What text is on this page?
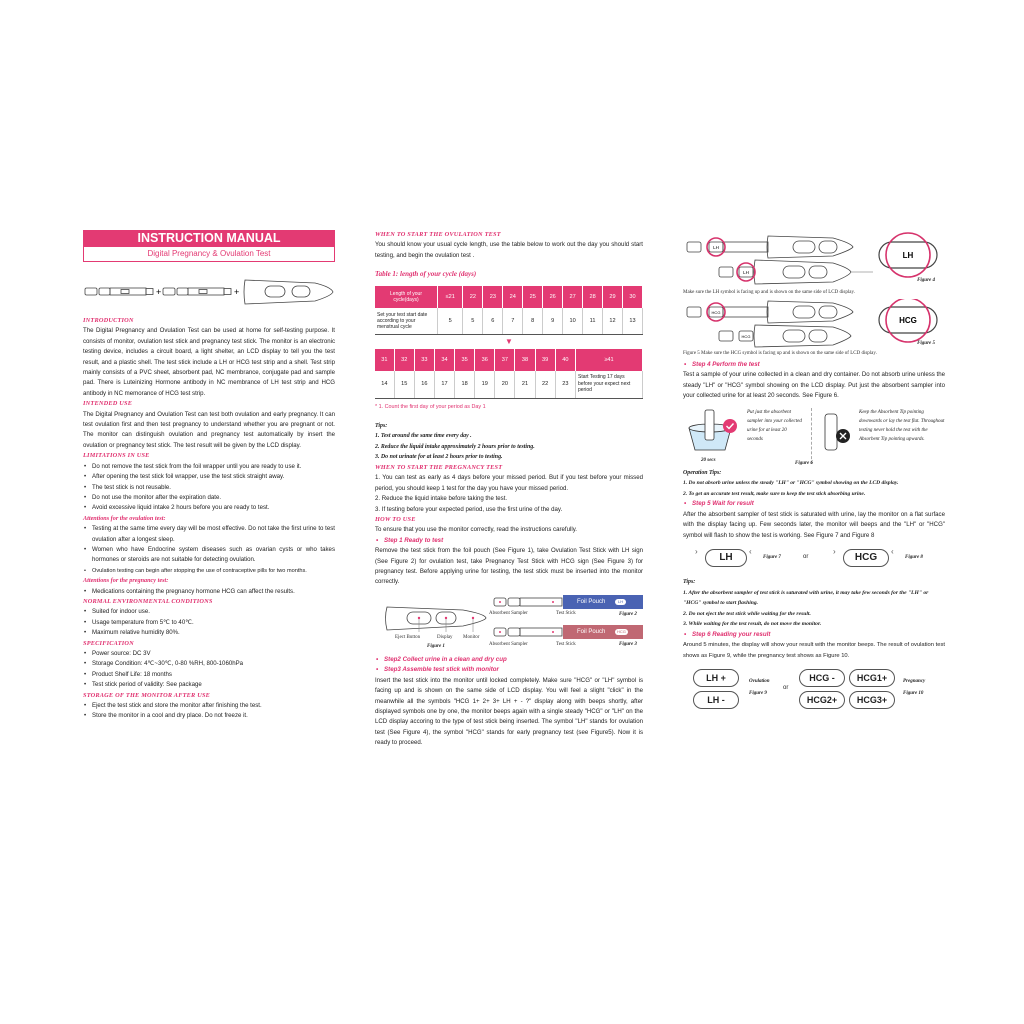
INSTRUCTION MANUAL
Digital Pregnancy & Ovulation Test
+	+
INTRODUCTION

The Digital Pregnancy and Ovulation Test can be used at home for self-testing purpose. It consists of monitor, ovulation test stick and pregnancy test stick. The monitor is an electronic testing device, includes a circuit board, a light shelter, an LCD display to tell you the test result, and a plastic shell. The test stick include a LH or HCG test strip and a shell. Test strip mainly consists of a PVC sheet, absorbent pad, NC membrance, conjugate pad and sample pad. There is Luteinizing Hormone antibody in NC membrance of LH test strip and HCG antibody in NC memorance of HCG test strip.

INTENDED USE

The Digital Pregnancy and Ovulation Test can test both ovulation and early pregnancy. It can test ovulation first and then test pregnancy to understand whether you are pregnant or not. The monitor can distinguish ovulation and pregnancy test automatically by insert the ovulation or pregnancy test stick. The test result will be given by the LCD display.

LIMITATIONS IN USE

• Do not remove the test stick from the foil wrapper until you are ready to use it.

• After opening the test stick foil wrapper, use the test stick straight away.

• The test stick is not reusable.

• Do not use the monitor after the expiration date.

• Avoid excessive liquid intake 2 hours before you are ready to test.

Attentions for the ovulation test:

• Testing at the same time every day will be most effective. Do not take the first urine to test ovulation after a longest sleep.

• Women who have Endocrine system diseases such as ovarian cysts or who takes hormones or steroids are not suitable for detecting ovulation.

• Ovulation testing can begin after stopping the use of contraceptive pills for two months.

Attentions for the pregnancy test:

• Medications containing the pregnancy hormone HCG can affect the results.

NORMAL ENVIRONMENTAL CONDITIONS

• Suited for indoor use.

• Usage temperature from 5℃ to 40℃.

• Maximum relative humidity 80%.

SPECIFICATION

• Power source: DC 3V

• Storage Condition: 4℃~30℃, 0-80 %RH, 800-1060hPa

• Product Shelf Life: 18 months

• Test stick period of validity: See package

STORAGE OF THE MONITOR AFTER USE

• Eject the test stick and store the monitor after finishing the test.

• Store the monitor in a cool and dry place. Do not freeze it.

WHEN TO START THE OVULATION TEST

You should know your usual cycle length, use the table below to work out the day you should start testing, and begin the ovulation test .

Table 1: length of your cycle (days)
Length of your cycle(days)	≤21	22	23	24	25	26	27	28	29	30
Set your test start date according to your menstrual cycle	5	5	6	7	8	9	10	11	12	13
▼
31	32	33	34	35	36	37	38	39	40	≥41
14	15	16	17	18	19	20	21	22	23	Start Testing 17 days before your expect next period
* 1. Count the first day of your period as Day 1
Tips:
1. Test around the same time every day .
2. Reduce the liquid intake approximately 2 hours prior to testing.
3. Do not urinate for at least 2 hours prior to testing.
WHEN TO START THE PREGNANCY TEST

1. You can test as early as 4 days before your missed period. But if you test before your missed period, you should keep 1 test for the day you have your missed period.

2. Reduce the liquid intake before taking the test.

3. If testing before your expected period, use the first urine of the day.

HOW TO USE

To ensure that you use the monitor correctly, read the instructions carefully.

• Step 1 Ready to test

Remove the test stick from the foil pouch (See Figure 1), take Ovulation Test Stick with LH sign (See Figure 2) for ovulation test, take Pregnancy Test Stick with HCG sign (See Figure 3) for pregnancy test. Before applying urine for testing, the test stick must be inserted into the monitor correctly.

Eject Button	Display Monitor
Figure 1
Foil Pouch	LH
Absorbent Sampler	Test Stick	Figure 2
Foil Pouch	HCG
Absorbent Sampler	Test Stick	Figure 3
• Step2 Collect urine in a clean and dry cup
• Step3 Assemble test stick with monitor

Insert the test stick into the monitor until locked completely. Make sure "HCG" or "LH" symbol is facing up and is shown on the same side of LCD display. You will feel a slight "click" in the meanwhile all the symbols "HCG 1+ 2+ 3+ LH + - ?" display along with beeps shortly, after displayed symbols one by one, the monitor beeps again with a single steady "HCG" or "LH" on the LCD display accoring to the type of test stick being inserted. The symbol "LH" stands for ovulation test (See Figure 4), the symbol "HCG" stands for early pregnancy test (see Figure5). Now it is ready to proceed.

LH
LH
LH
Figure 4
Make sure the LH symbol is facing up and is shown on the same side of LCD display.
HCG
HCG
HCG
Figure 5
Figure 5 Make sure the HCG symbol is facing up and is shown on the same side of LCD display.
• Step 4 Perform the test

Test a sample of your urine collected in a clean and dry container. Do not absorb urine unless the steady "LH" or "HCG" symbol showing on the LCD display. Put just the absorbent sampler into your collected urine for at least 20 seconds. See Figure 6.

20 secs
Put just the absorbent sampler into your collected urine for at least 20 seconds
Keep the Absorbent Tip pointing downwards or lay the test flat. Throughout testing never hold the test with the Absorbent Tip pointing upwards.
Figure 6
Operation Tips:
1. Do not absorb urine unless the steady "LH" or "HCG" symbol showing on the LCD display.
2. To get an accurate test result, make sure to keep the test stick absorbing urine.
• Step 5 Wait for result

After the absorbent sampler of test stick is saturated with urine, lay the monitor on a flat surface with the display facing up. Few seconds later, the monitor will beeps and the "LH" or "HCG" symbol will flash to show the test is working. See Figure 7 and Figure 8

LH
›	‹
Figure 7	or	HCG
›	‹
Figure 8
Tips:
1. After the absorbent sampler of test stick is saturated with urine, it may take few seconds for the "LH" or "HCG" symbol to start flashing.
2. Do not eject the test stick while waiting for the result.
3. While waiting for the test result, do not move the monitor.
• Step 6 Reading your result

Around 5 minutes, the display will show your result with the monitor beeps. The result of ovulation test shows as Figure 9, while the pregnancy test shows as Figure 10.

LH +
LH -
Ovulation
Figure 9
or
HCG -	HCG1+
HCG2+	HCG3+
Pregnancy
Figure 10
